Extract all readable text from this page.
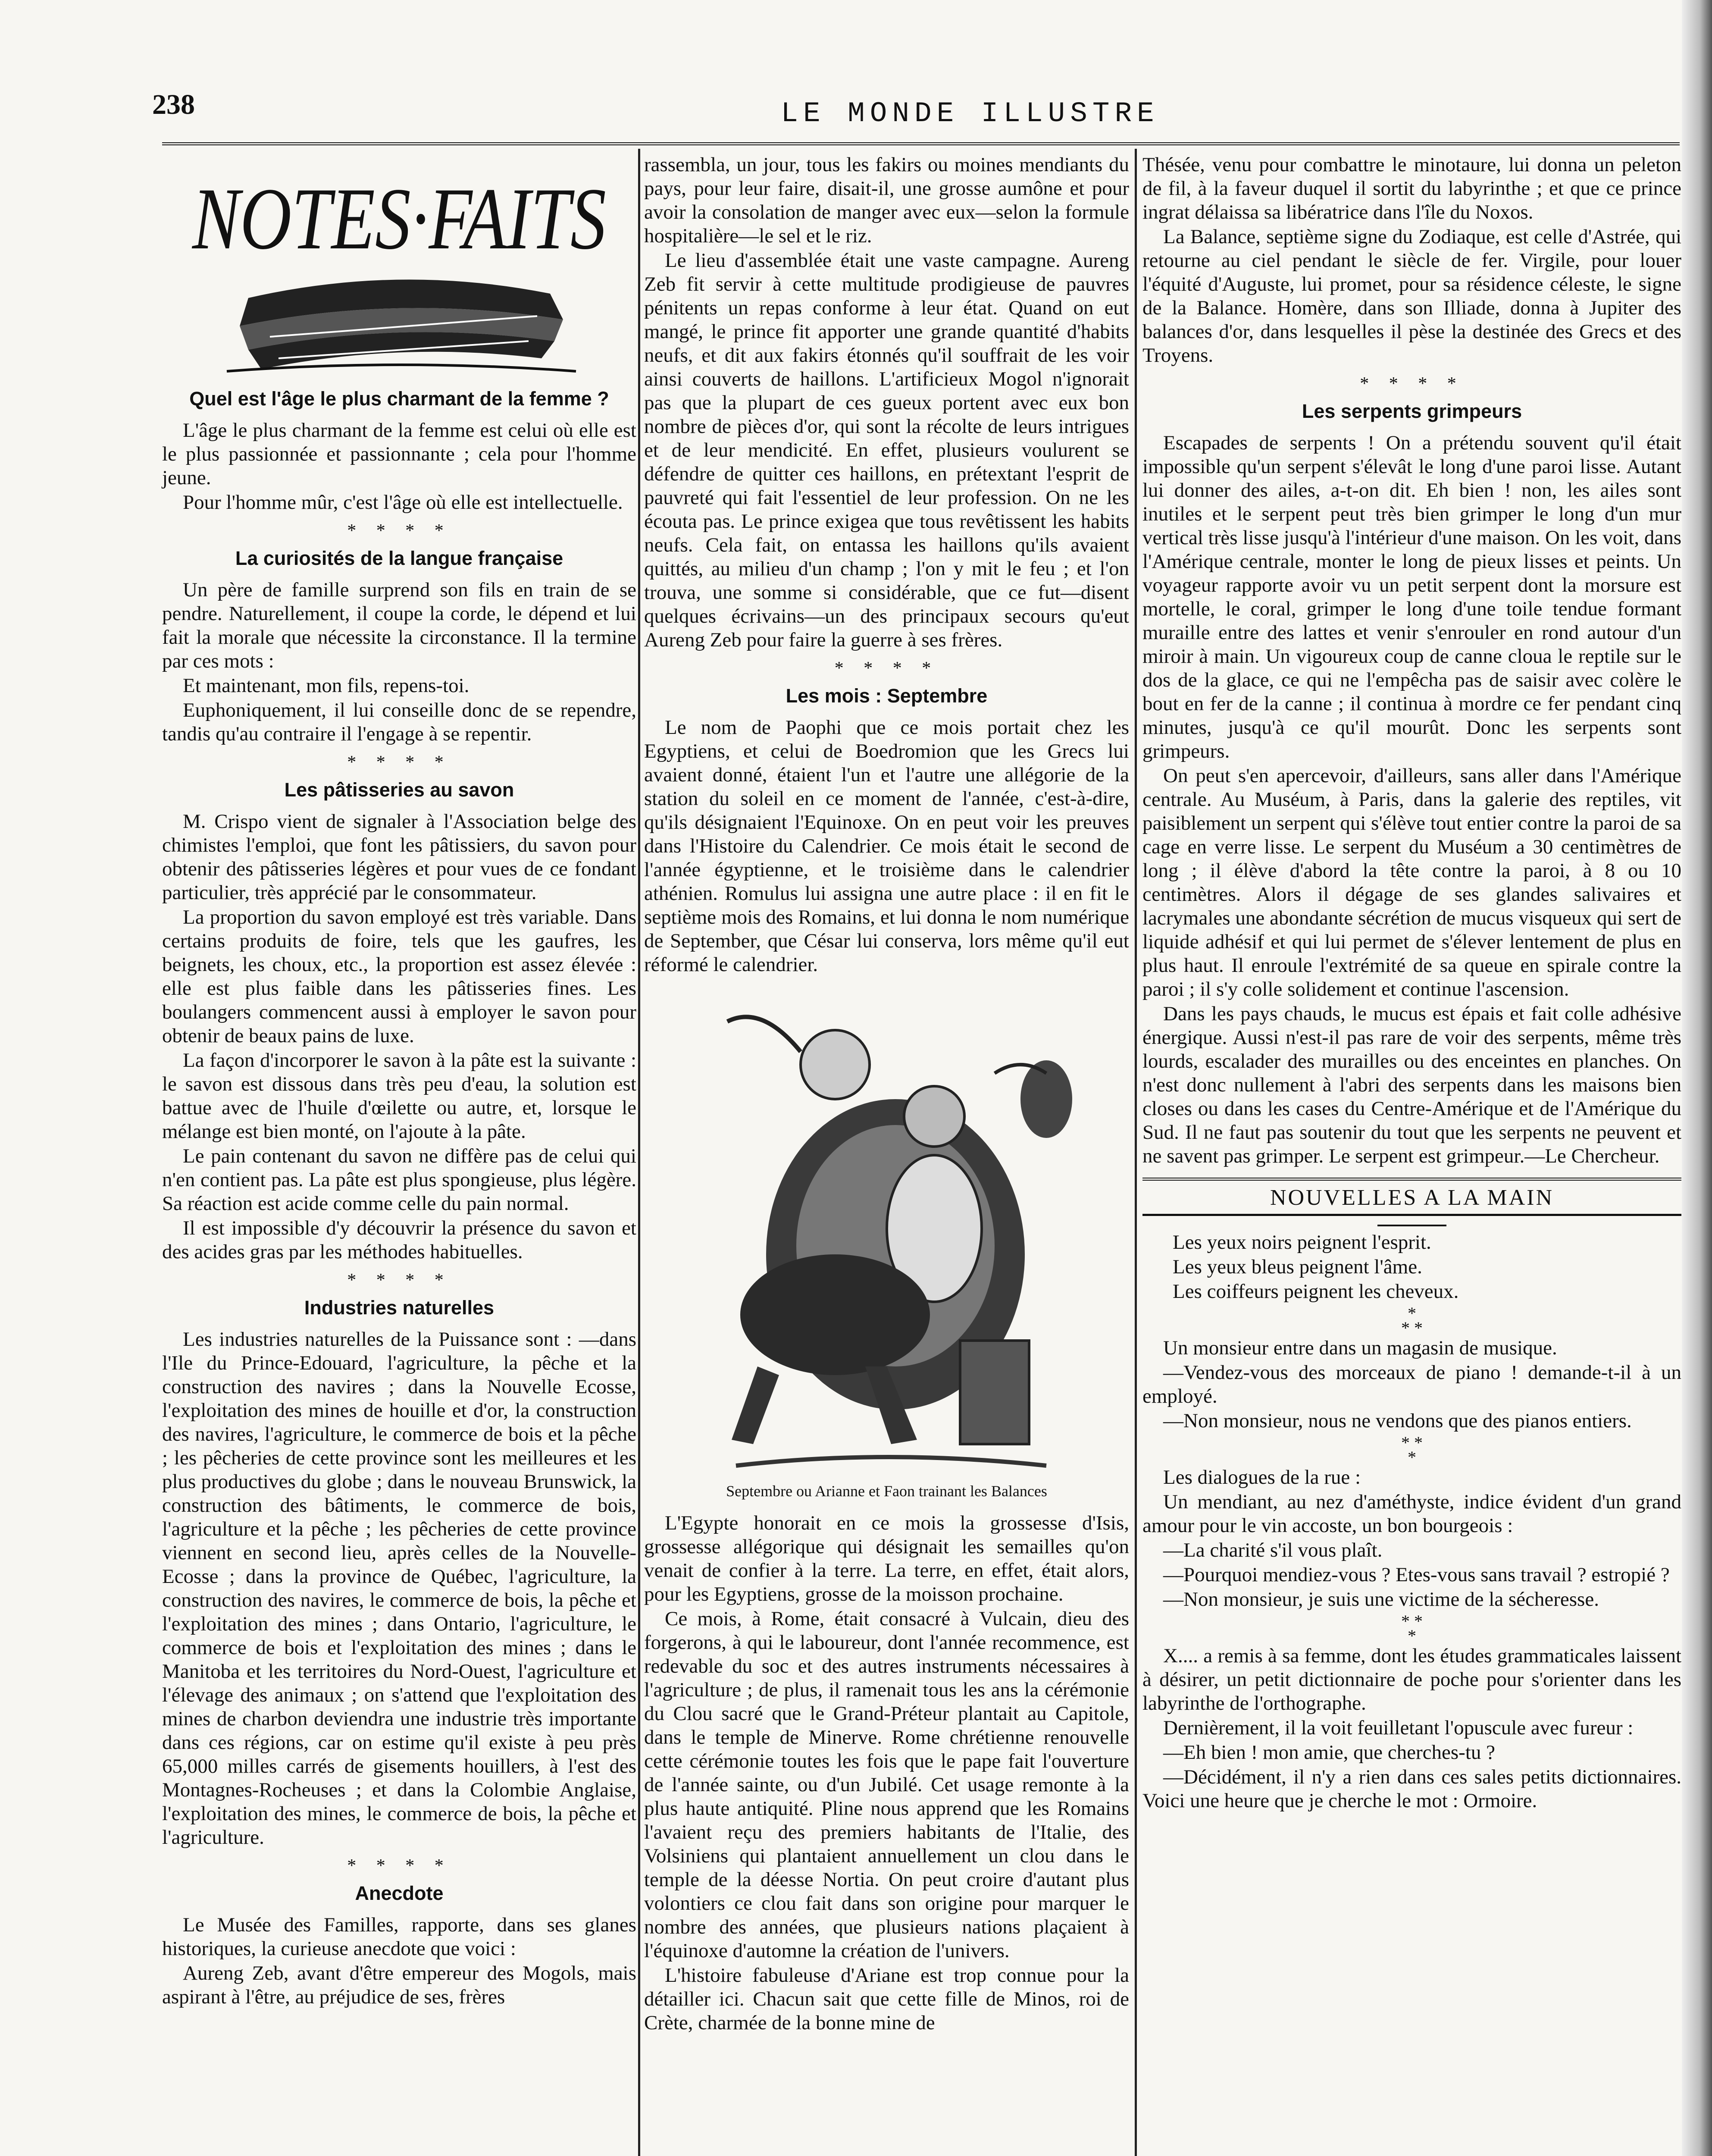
238	LE MONDE ILLUSTRE
NOTES·FAITS
Quel est l'âge le plus charmant de la femme ?
L'âge le plus charmant de la femme est celui où elle est le plus passionnée et passionnante ; cela pour l'homme jeune.
Pour l'homme mûr, c'est l'âge où elle est intellectuelle.
* * * *
La curiosités de la langue française
Un père de famille surprend son fils en train de se pendre. Naturellement, il coupe la corde, le dépend et lui fait la morale que nécessite la circonstance. Il la termine par ces mots :
Et maintenant, mon fils, repens-toi.
Euphoniquement, il lui conseille donc de se rependre, tandis qu'au contraire il l'engage à se repentir.
* * * *
Les pâtisseries au savon
M. Crispo vient de signaler à l'Association belge des chimistes l'emploi, que font les pâtissiers, du savon pour obtenir des pâtisseries légères et pour vues de ce fondant particulier, très apprécié par le consommateur.
La proportion du savon employé est très variable. Dans certains produits de foire, tels que les gaufres, les beignets, les choux, etc., la proportion est assez élevée : elle est plus faible dans les pâtisseries fines. Les boulangers commencent aussi à employer le savon pour obtenir de beaux pains de luxe.
La façon d'incorporer le savon à la pâte est la suivante : le savon est dissous dans très peu d'eau, la solution est battue avec de l'huile d'œilette ou autre, et, lorsque le mélange est bien monté, on l'ajoute à la pâte.
Le pain contenant du savon ne diffère pas de celui qui n'en contient pas. La pâte est plus spongieuse, plus légère. Sa réaction est acide comme celle du pain normal.
Il est impossible d'y découvrir la présence du savon et des acides gras par les méthodes habituelles.
* * * *
Industries naturelles
Les industries naturelles de la Puissance sont : —dans l'Ile du Prince-Edouard, l'agriculture, la pêche et la construction des navires ; dans la Nouvelle Ecosse, l'exploitation des mines de houille et d'or, la construction des navires, l'agriculture, le commerce de bois et la pêche ; les pêcheries de cette province sont les meilleures et les plus productives du globe ; dans le nouveau Brunswick, la construction des bâtiments, le commerce de bois, l'agriculture et la pêche ; les pêcheries de cette province viennent en second lieu, après celles de la Nouvelle-Ecosse ; dans la province de Québec, l'agriculture, la construction des navires, le commerce de bois, la pêche et l'exploitation des mines ; dans Ontario, l'agriculture, le commerce de bois et l'exploitation des mines ; dans le Manitoba et les territoires du Nord-Ouest, l'agriculture et l'élevage des animaux ; on s'attend que l'exploitation des mines de charbon deviendra une industrie très importante dans ces régions, car on estime qu'il existe à peu près 65,000 milles carrés de gisements houillers, à l'est des Montagnes-Rocheuses ; et dans la Colombie Anglaise, l'exploitation des mines, le commerce de bois, la pêche et l'agriculture.
* * * *
Anecdote
Le Musée des Familles, rapporte, dans ses glanes historiques, la curieuse anecdote que voici :
Aureng Zeb, avant d'être empereur des Mogols, mais aspirant à l'être, au préjudice de ses, frères
rassembla, un jour, tous les fakirs ou moines mendiants du pays, pour leur faire, disait-il, une grosse aumône et pour avoir la consolation de manger avec eux—selon la formule hospitalière—le sel et le riz.
Le lieu d'assemblée était une vaste campagne. Aureng Zeb fit servir à cette multitude prodigieuse de pauvres pénitents un repas conforme à leur état. Quand on eut mangé, le prince fit apporter une grande quantité d'habits neufs, et dit aux fakirs étonnés qu'il souffrait de les voir ainsi couverts de haillons. L'artificieux Mogol n'ignorait pas que la plupart de ces gueux portent avec eux bon nombre de pièces d'or, qui sont la récolte de leurs intrigues et de leur mendicité. En effet, plusieurs voulurent se défendre de quitter ces haillons, en prétextant l'esprit de pauvreté qui fait l'essentiel de leur profession. On ne les écouta pas. Le prince exigea que tous revêtissent les habits neufs. Cela fait, on entassa les haillons qu'ils avaient quittés, au milieu d'un champ ; l'on y mit le feu ; et l'on trouva, une somme si considérable, que ce fut—disent quelques écrivains—un des principaux secours qu'eut Aureng Zeb pour faire la guerre à ses frères.
* * * *
Les mois : Septembre
Le nom de Paophi que ce mois portait chez les Egyptiens, et celui de Boedromion que les Grecs lui avaient donné, étaient l'un et l'autre une allégorie de la station du soleil en ce moment de l'année, c'est-à-dire, qu'ils désignaient l'Equinoxe. On en peut voir les preuves dans l'Histoire du Calendrier. Ce mois était le second de l'année égyptienne, et le troisième dans le calendrier athénien. Romulus lui assigna une autre place : il en fit le septième mois des Romains, et lui donna le nom numérique de September, que César lui conserva, lors même qu'il eut réformé le calendrier.
Septembre ou Arianne et Faon trainant les Balances
L'Egypte honorait en ce mois la grossesse d'Isis, grossesse allégorique qui désignait les semailles qu'on venait de confier à la terre. La terre, en effet, était alors, pour les Egyptiens, grosse de la moisson prochaine.
Ce mois, à Rome, était consacré à Vulcain, dieu des forgerons, à qui le laboureur, dont l'année recommence, est redevable du soc et des autres instruments nécessaires à l'agriculture ; de plus, il ramenait tous les ans la cérémonie du Clou sacré que le Grand-Préteur plantait au Capitole, dans le temple de Minerve. Rome chrétienne renouvelle cette cérémonie toutes les fois que le pape fait l'ouverture de l'année sainte, ou d'un Jubilé. Cet usage remonte à la plus haute antiquité. Pline nous apprend que les Romains l'avaient reçu des premiers habitants de l'Italie, des Volsiniens qui plantaient annuellement un clou dans le temple de la déesse Nortia. On peut croire d'autant plus volontiers ce clou fait dans son origine pour marquer le nombre des années, que plusieurs nations plaçaient à l'équinoxe d'automne la création de l'univers.
L'histoire fabuleuse d'Ariane est trop connue pour la détailler ici. Chacun sait que cette fille de Minos, roi de Crète, charmée de la bonne mine de
Thésée, venu pour combattre le minotaure, lui donna un peleton de fil, à la faveur duquel il sortit du labyrinthe ; et que ce prince ingrat délaissa sa libératrice dans l'île du Noxos.
La Balance, septième signe du Zodiaque, est celle d'Astrée, qui retourne au ciel pendant le siècle de fer. Virgile, pour louer l'équité d'Auguste, lui promet, pour sa résidence céleste, le signe de la Balance. Homère, dans son Illiade, donna à Jupiter des balances d'or, dans lesquelles il pèse la destinée des Grecs et des Troyens.
* * * *
Les serpents grimpeurs
Escapades de serpents ! On a prétendu souvent qu'il était impossible qu'un serpent s'élevât le long d'une paroi lisse. Autant lui donner des ailes, a-t-on dit. Eh bien ! non, les ailes sont inutiles et le serpent peut très bien grimper le long d'un mur vertical très lisse jusqu'à l'intérieur d'une maison. On les voit, dans l'Amérique centrale, monter le long de pieux lisses et peints. Un voyageur rapporte avoir vu un petit serpent dont la morsure est mortelle, le coral, grimper le long d'une toile tendue formant muraille entre des lattes et venir s'enrouler en rond autour d'un miroir à main. Un vigoureux coup de canne cloua le reptile sur le dos de la glace, ce qui ne l'empêcha pas de saisir avec colère le bout en fer de la canne ; il continua à mordre ce fer pendant cinq minutes, jusqu'à ce qu'il mourût. Donc les serpents sont grimpeurs.
On peut s'en apercevoir, d'ailleurs, sans aller dans l'Amérique centrale. Au Muséum, à Paris, dans la galerie des reptiles, vit paisiblement un serpent qui s'élève tout entier contre la paroi de sa cage en verre lisse. Le serpent du Muséum a 30 centimètres de long ; il élève d'abord la tête contre la paroi, à 8 ou 10 centimètres. Alors il dégage de ses glandes salivaires et lacrymales une abondante sécrétion de mucus visqueux qui sert de liquide adhésif et qui lui permet de s'élever lentement de plus en plus haut. Il enroule l'extrémité de sa queue en spirale contre la paroi ; il s'y colle solidement et continue l'ascension.
Dans les pays chauds, le mucus est épais et fait colle adhésive énergique. Aussi n'est-il pas rare de voir des serpents, même très lourds, escalader des murailles ou des enceintes en planches. On n'est donc nullement à l'abri des serpents dans les maisons bien closes ou dans les cases du Centre-Amérique et de l'Amérique du Sud. Il ne faut pas soutenir du tout que les serpents ne peuvent et ne savent pas grimper. Le serpent est grimpeur.—Le Chercheur.
NOUVELLES A LA MAIN
Les yeux noirs peignent l'esprit.
Les yeux bleus peignent l'âme.
Les coiffeurs peignent les cheveux.
*
* *
Un monsieur entre dans un magasin de musique.
—Vendez-vous des morceaux de piano ! demande-t-il à un employé.
—Non monsieur, nous ne vendons que des pianos entiers.
* *
*
Les dialogues de la rue :
Un mendiant, au nez d'améthyste, indice évident d'un grand amour pour le vin accoste, un bon bourgeois :
—La charité s'il vous plaît.
—Pourquoi mendiez-vous ? Etes-vous sans travail ? estropié ?
—Non monsieur, je suis une victime de la sécheresse.
* *
*
X.... a remis à sa femme, dont les études grammaticales laissent à désirer, un petit dictionnaire de poche pour s'orienter dans les labyrinthe de l'orthographe.
Dernièrement, il la voit feuilletant l'opuscule avec fureur :
—Eh bien ! mon amie, que cherches-tu ?
—Décidément, il n'y a rien dans ces sales petits dictionnaires. Voici une heure que je cherche le mot : Ormoire.
